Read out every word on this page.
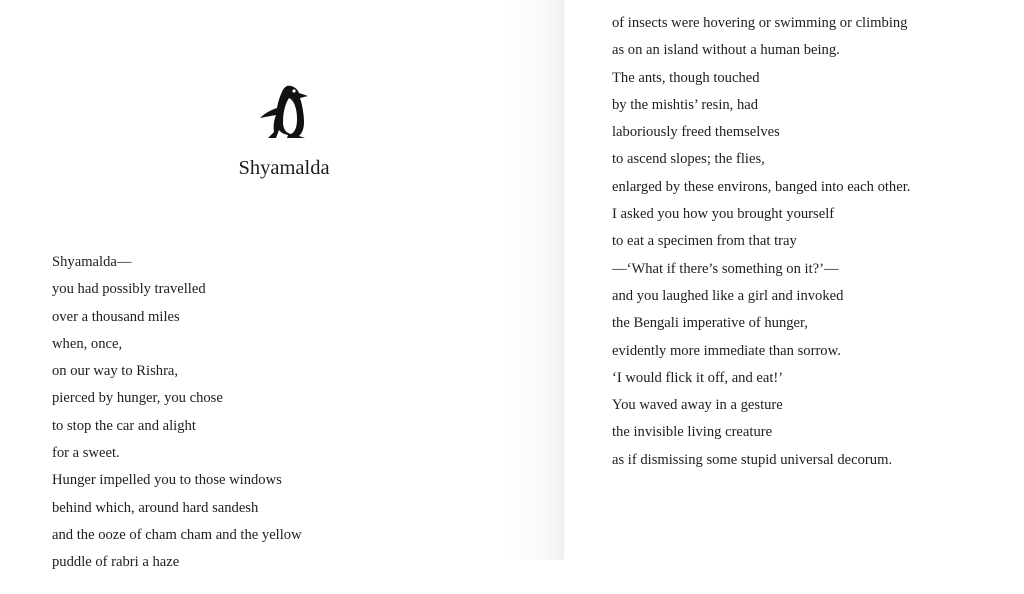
Shyamalda
Shyamalda—
you had possibly travelled
over a thousand miles
when, once,
on our way to Rishra,
pierced by hunger, you chose
to stop the car and alight
for a sweet.
Hunger impelled you to those windows
behind which, around hard sandesh
and the ooze of cham cham and the yellow
puddle of rabri a haze
of insects were hovering or swimming or climbing
as on an island without a human being.
The ants, though touched
by the mishtis’ resin, had
laboriously freed themselves
to ascend slopes; the flies,
enlarged by these environs, banged into each other.
I asked you how you brought yourself
to eat a specimen from that tray
—‘What if there’s something on it?’—
and you laughed like a girl and invoked
the Bengali imperative of hunger,
evidently more immediate than sorrow.
‘I would flick it off, and eat!’
You waved away in a gesture
the invisible living creature
as if dismissing some stupid universal decorum.
